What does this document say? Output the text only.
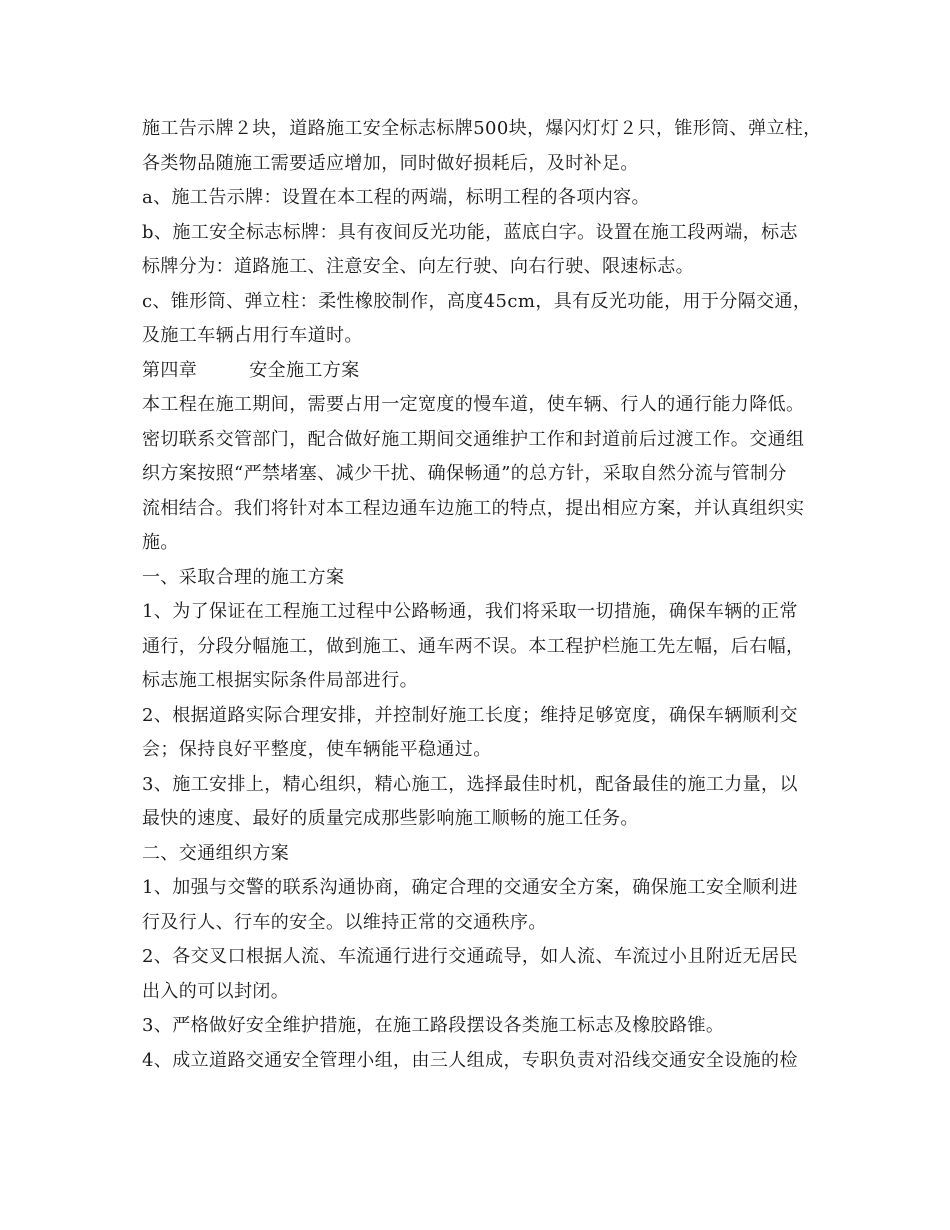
施工告示牌２块，道路施工安全标志标牌500块，爆闪灯灯２只，锥形筒、弹立柱，
各类物品随施工需要适应增加，同时做好损耗后，及时补足。
a、施工告示牌：设置在本工程的两端，标明工程的各项内容。
b、施工安全标志标牌：具有夜间反光功能，蓝底白字。设置在施工段两端，标志
标牌分为：道路施工、注意安全、向左行驶、向右行驶、限速标志。
c、锥形筒、弹立柱：柔性橡胶制作，高度45cm，具有反光功能，用于分隔交通，
及施工车辆占用行车道时。
第四章	安全施工方案
本工程在施工期间，需要占用一定宽度的慢车道，使车辆、行人的通行能力降低。
密切联系交管部门，配合做好施工期间交通维护工作和封道前后过渡工作。交通组
织方案按照“严禁堵塞、减少干扰、确保畅通”的总方针，采取自然分流与管制分
流相结合。我们将针对本工程边通车边施工的特点，提出相应方案，并认真组织实
施。
一、采取合理的施工方案
1、为了保证在工程施工过程中公路畅通，我们将采取一切措施，确保车辆的正常
通行，分段分幅施工，做到施工、通车两不误。本工程护栏施工先左幅，后右幅，
标志施工根据实际条件局部进行。
2、根据道路实际合理安排，并控制好施工长度；维持足够宽度，确保车辆顺利交
会；保持良好平整度，使车辆能平稳通过。
3、施工安排上，精心组织，精心施工，选择最佳时机，配备最佳的施工力量，以
最快的速度、最好的质量完成那些影响施工顺畅的施工任务。
二、交通组织方案
1、加强与交警的联系沟通协商，确定合理的交通安全方案，确保施工安全顺利进
行及行人、行车的安全。以维持正常的交通秩序。
2、各交叉口根据人流、车流通行进行交通疏导，如人流、车流过小且附近无居民
出入的可以封闭。
3、严格做好安全维护措施，在施工路段摆设各类施工标志及橡胶路锥。
4、成立道路交通安全管理小组，由三人组成，专职负责对沿线交通安全设施的检
